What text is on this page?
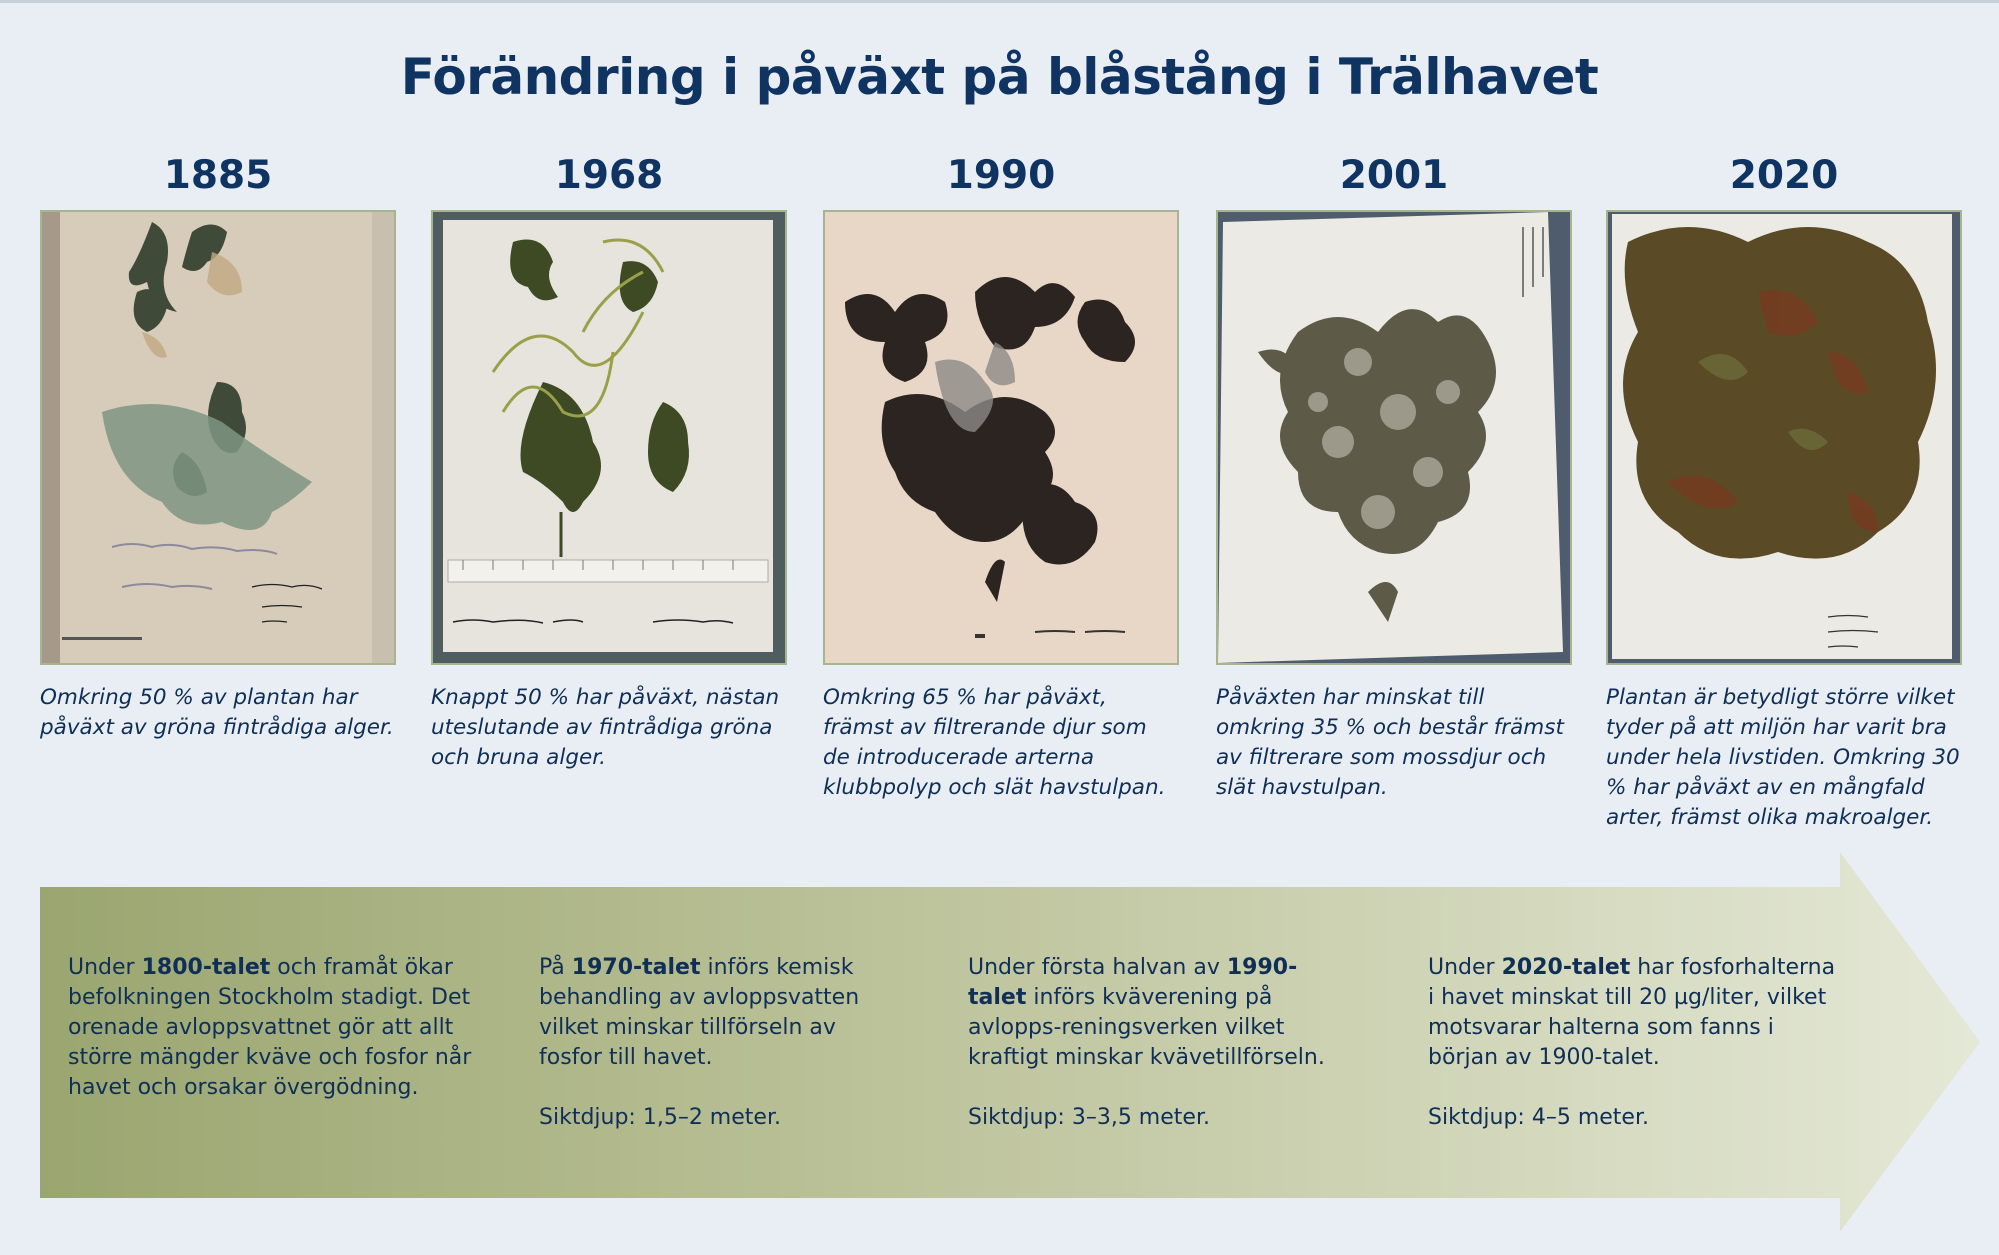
Förändring i påväxt på blåstång i Trälhavet
1885
Omkring 50 % av plantan har påväxt av gröna fintrådiga alger.
1968
Knappt 50 % har påväxt, nästan uteslutande av fintrådiga gröna och bruna alger.
1990
Omkring 65 % har påväxt, främst av filtrerande djur som de introducerade arterna klubbpolyp och slät havstulpan.
2001
Påväxten har minskat till omkring 35 % och består främst av filtrerare som mossdjur och slät havstulpan.
2020
Plantan är betydligt större vilket tyder på att miljön har varit bra under hela livstiden. Omkring 30 % har påväxt av en mångfald arter, främst olika makroalger.

Under 1800-talet och framåt ökar befolkningen Stockholm stadigt. Det orenade avloppsvattnet gör att allt större mängder kväve och fosfor når havet och orsakar övergödning.

På 1970-talet införs kemisk behandling av avloppsvatten vilket minskar tillförseln av fosfor till havet.

Siktdjup: 1,5–2 meter.

Under första halvan av 1990-talet införs kväverening på avlopps-reningsverken vilket kraftigt minskar kvävetillförseln.

Siktdjup: 3–3,5 meter.

Under 2020-talet har fosforhalterna i havet minskat till 20 µg/liter, vilket motsvarar halterna som fanns i början av 1900-talet.

Siktdjup: 4–5 meter.
